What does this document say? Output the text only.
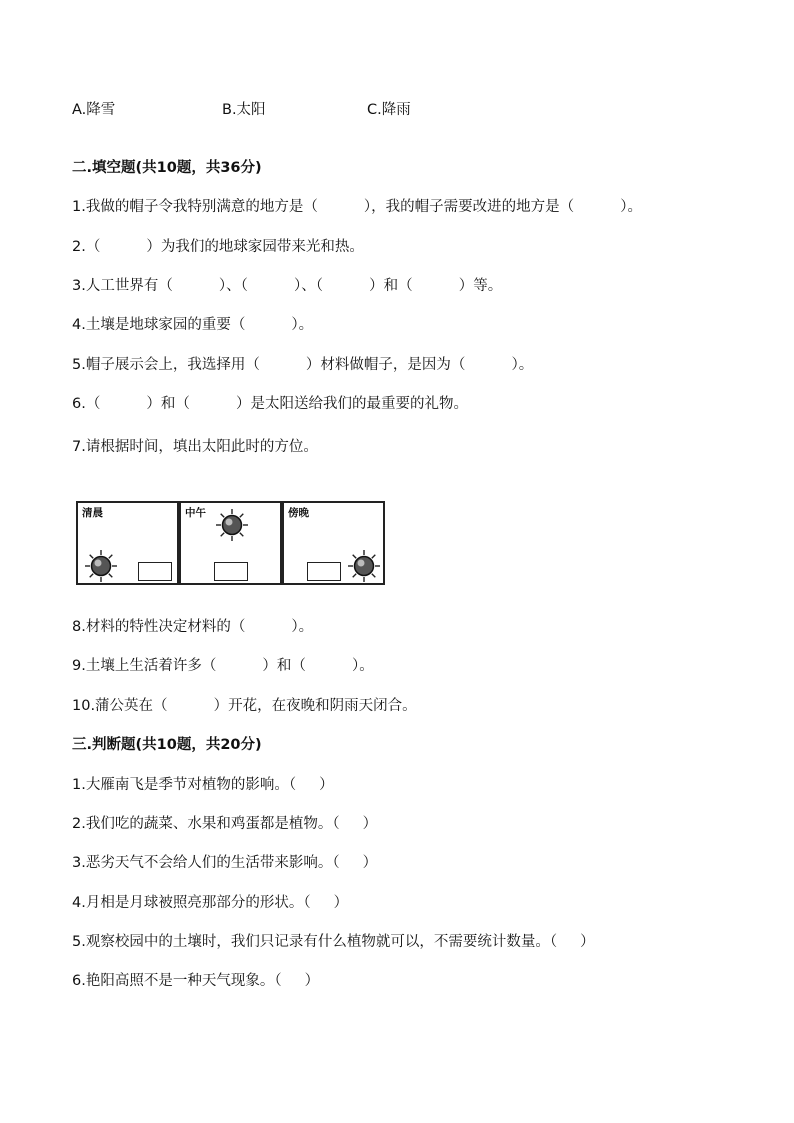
A.降雪	B.太阳	C.降雨
二.填空题(共10题，共36分)
1.我做的帽子令我特别满意的地方是（          ），我的帽子需要改进的地方是（          ）。
2.（          ）为我们的地球家园带来光和热。
3.人工世界有（          ）、（          ）、（          ）和（          ）等。
4.土壤是地球家园的重要（          ）。
5.帽子展示会上，我选择用（          ）材料做帽子，是因为（          ）。
6.（          ）和（          ）是太阳送给我们的最重要的礼物。
7.请根据时间，填出太阳此时的方位。
清晨	中午	傍晚
8.材料的特性决定材料的（          ）。
9.土壤上生活着许多（          ）和（          ）。
10.蒲公英在（          ）开花，在夜晚和阴雨天闭合。
三.判断题(共10题，共20分)
1.大雁南飞是季节对植物的影响。（     ）
2.我们吃的蔬菜、水果和鸡蛋都是植物。（     ）
3.恶劣天气不会给人们的生活带来影响。（     ）
4.月相是月球被照亮那部分的形状。（     ）
5.观察校园中的土壤时，我们只记录有什么植物就可以，不需要统计数量。（     ）
6.艳阳高照不是一种天气现象。（     ）
